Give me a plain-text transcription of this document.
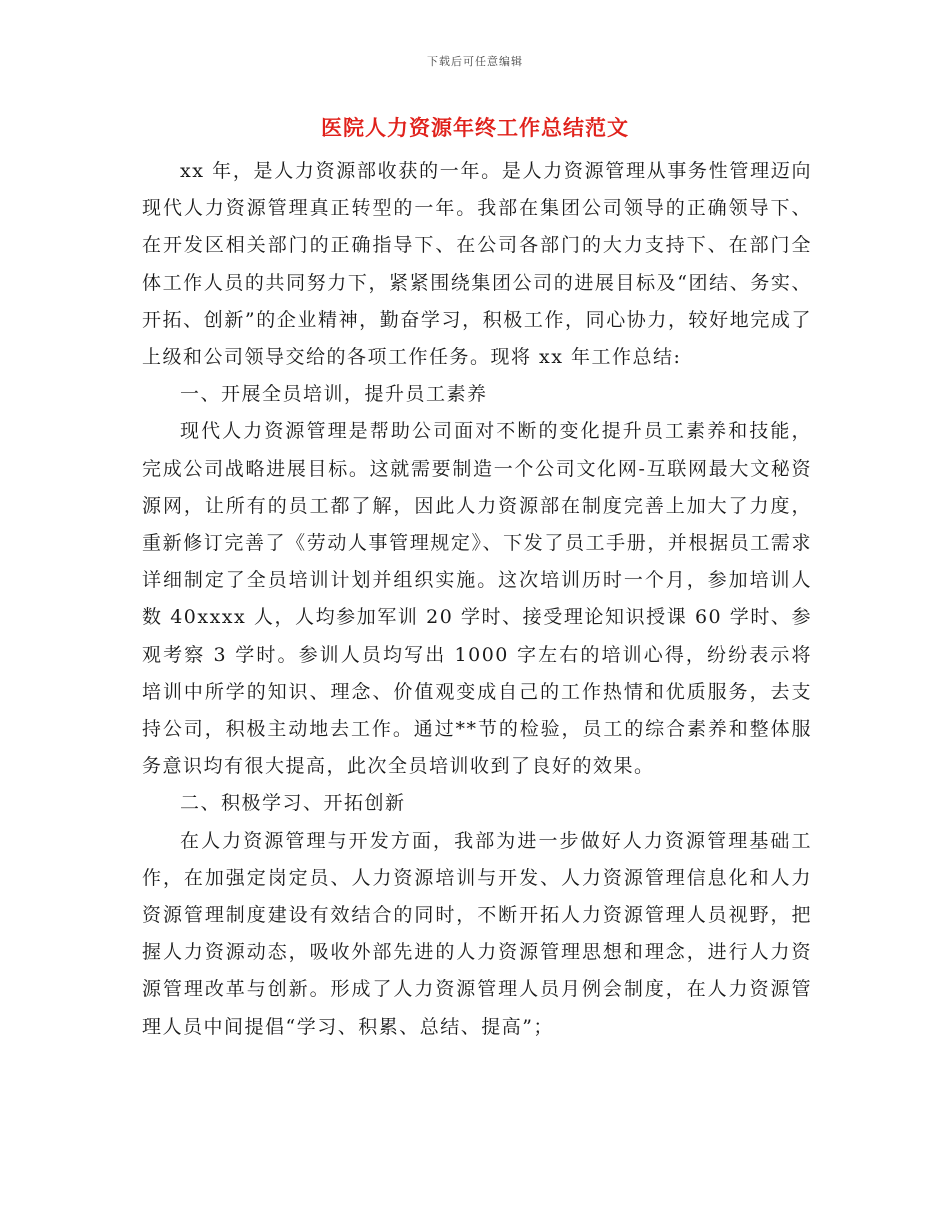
下载后可任意编辑
医院人力资源年终工作总结范文

xx 年，是人力资源部收获的一年。是人力资源管理从事务性管理迈向现代人力资源管理真正转型的一年。我部在集团公司领导的正确领导下、在开发区相关部门的正确指导下、在公司各部门的大力支持下、在部门全体工作人员的共同努力下，紧紧围绕集团公司的进展目标及“团结、务实、开拓、创新”的企业精神，勤奋学习，积极工作，同心协力，较好地完成了上级和公司领导交给的各项工作任务。现将 xx 年工作总结:

一、开展全员培训，提升员工素养

现代人力资源管理是帮助公司面对不断的变化提升员工素养和技能，完成公司战略进展目标。这就需要制造一个公司文化网-互联网最大文秘资源网，让所有的员工都了解，因此人力资源部在制度完善上加大了力度，重新修订完善了《劳动人事管理规定》、下发了员工手册，并根据员工需求详细制定了全员培训计划并组织实施。这次培训历时一个月，参加培训人数 40xxxx 人，人均参加军训 20 学时、接受理论知识授课 60 学时、参观考察 3 学时。参训人员均写出 1000 字左右的培训心得，纷纷表示将培训中所学的知识、理念、价值观变成自己的工作热情和优质服务，去支持公司，积极主动地去工作。通过**节的检验，员工的综合素养和整体服务意识均有很大提高，此次全员培训收到了良好的效果。

二、积极学习、开拓创新

在人力资源管理与开发方面，我部为进一步做好人力资源管理基础工作，在加强定岗定员、人力资源培训与开发、人力资源管理信息化和人力资源管理制度建设有效结合的同时，不断开拓人力资源管理人员视野，把握人力资源动态，吸收外部先进的人力资源管理思想和理念，进行人力资源管理改革与创新。形成了人力资源管理人员月例会制度，在人力资源管理人员中间提倡“学习、积累、总结、提高”；
